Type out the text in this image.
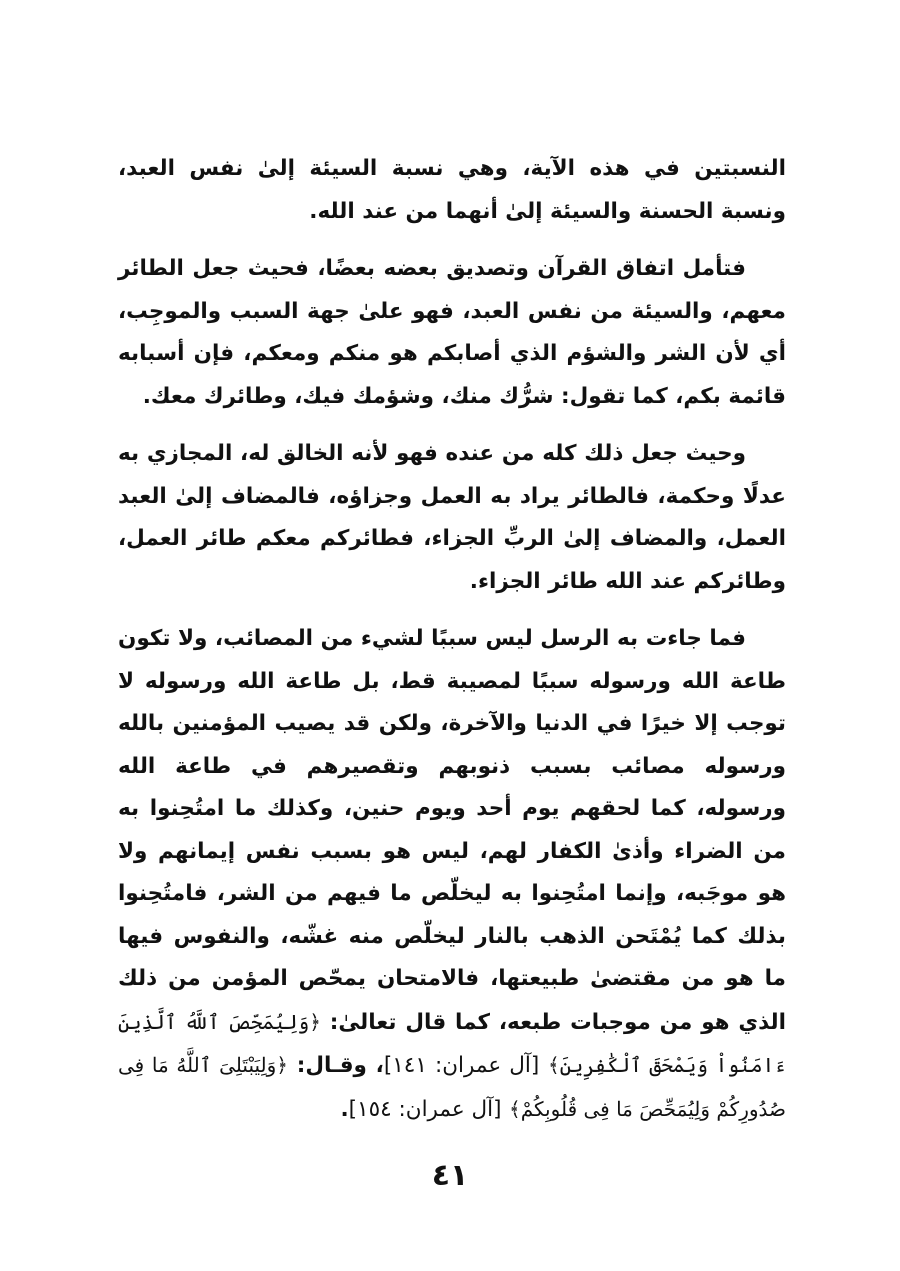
النسبتين في هذه الآية، وهي نسبة السيئة إلىٰ نفس العبد، ونسبة الحسنة والسيئة إلىٰ أنهما من عند الله.

فتأمل اتفاق القرآن وتصديق بعضه بعضًا، فحيث جعل الطائر معهم، والسيئة من نفس العبد، فهو علىٰ جهة السبب والموجِب، أي لأن الشر والشؤم الذي أصابكم هو منكم ومعكم، فإن أسبابه قائمة بكم، كما تقول: شرُّك منك، وشؤمك فيك، وطائرك معك.

وحيث جعل ذلك كله من عنده فهو لأنه الخالق له، المجازي به عدلًا وحكمة، فالطائر يراد به العمل وجزاؤه، فالمضاف إلىٰ العبد العمل، والمضاف إلىٰ الربِّ الجزاء، فطائركم معكم طائر العمل، وطائركم عند الله طائر الجزاء.

فما جاءت به الرسل ليس سببًا لشيء من المصائب، ولا تكون طاعة الله ورسوله سببًا لمصيبة قط، بل طاعة الله ورسوله لا توجب إلا خيرًا في الدنيا والآخرة، ولكن قد يصيب المؤمنين بالله ورسوله مصائب بسبب ذنوبهم وتقصيرهم في طاعة الله ورسوله، كما لحقهم يوم أحد ويوم حنين، وكذلك ما امتُحِنوا به من الضراء وأذىٰ الكفار لهم، ليس هو بسبب نفس إيمانهم ولا هو موجَبه، وإنما امتُحِنوا به ليخلّص ما فيهم من الشر، فامتُحِنوا بذلك كما يُمْتَحن الذهب بالنار ليخلّص منه غشّه، والنفوس فيها ما هو من مقتضىٰ طبيعتها، فالامتحان يمحّص المؤمن من ذلك الذي هو من موجبات طبعه، كما قال تعالىٰ: ﴿وَلِيُمَحِّصَ ٱللَّهُ ٱلَّذِينَ ءَامَنُواْ وَيَمْحَقَ ٱلْكَٰفِرِينَ﴾ [آل عمران: ١٤١]، وقـال: ﴿وَلِيَبْتَلِىَ ٱللَّهُ مَا فِى صُدُورِكُمْ وَلِيُمَحِّصَ مَا فِى قُلُوبِكُمْ﴾ [آل عمران: ١٥٤].

٤١
